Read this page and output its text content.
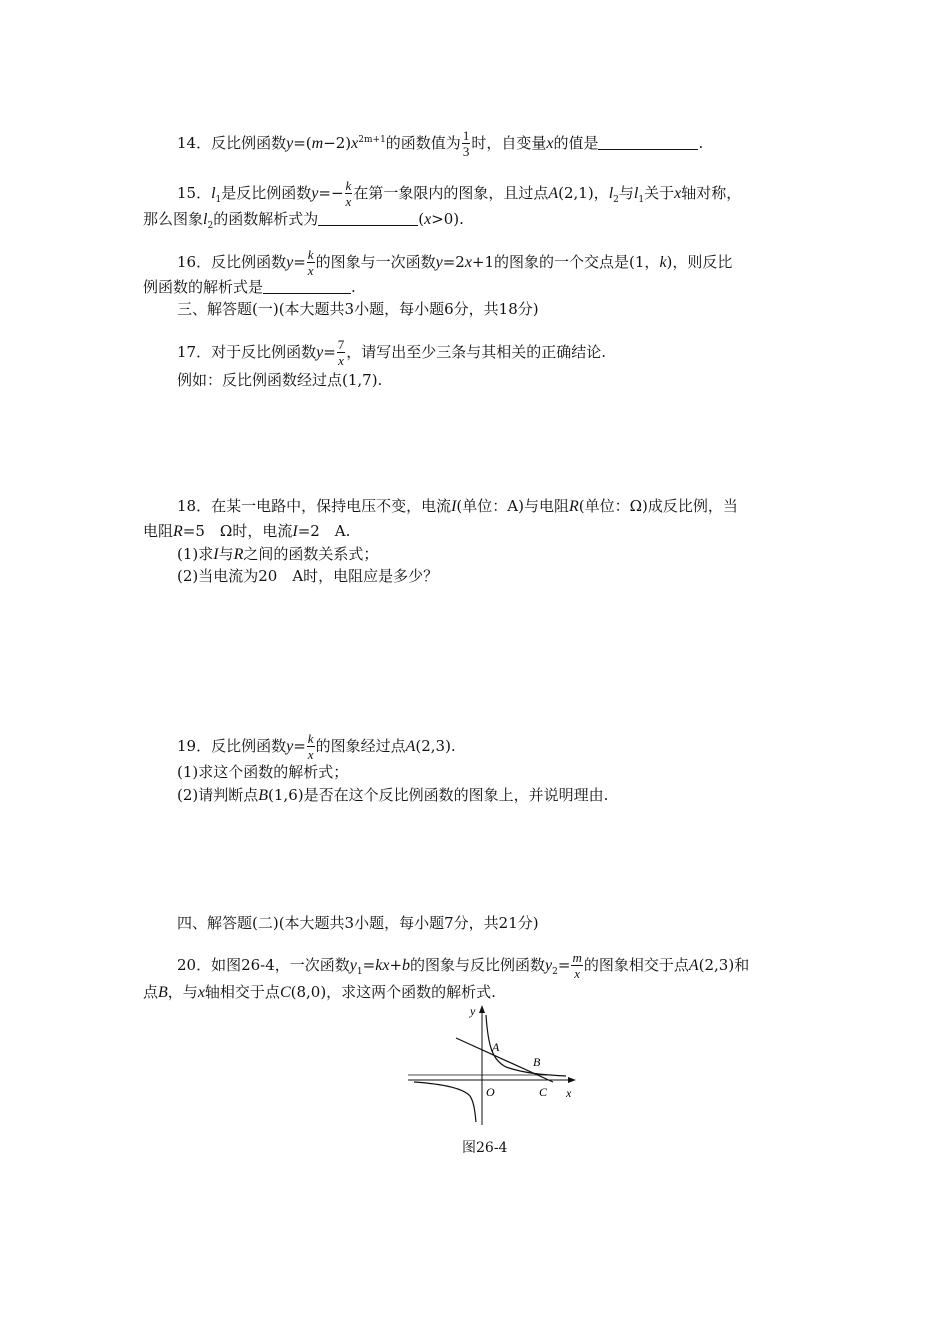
14．反比例函数$y=(m-2)x^{2m+1}$的函数值为 $\frac{1}{3}$ 时，自变量x的值是	.
15．$l_1$是反比例函数$y=- \frac{k}{x}$ 在第一象限内的图象，且过点A(2,1)，$l_2$与$l_1$关于x轴对称，
那么图象$l_2$的函数解析式为	(x>0).
16．反比例函数$y= \frac{k}{x}$ 的图象与一次函数y=2x+1的图象的一个交点是(1，k)，则反比
例函数的解析式是	.
三、解答题(一)(本大题共3小题，每小题6分，共18分)
17．对于反比例函数$y= \frac{7}{x}$ ，请写出至少三条与其相关的正确结论.
例如：反比例函数经过点(1,7).
18．在某一电路中，保持电压不变，电流I(单位：A)与电阻R(单位：Ω)成反比例，当
电阻R=5　Ω时，电流I=2　A.
(1)求I与R之间的函数关系式；
(2)当电流为20　A时，电阻应是多少？
19．反比例函数$y= \frac{k}{x}$ 的图象经过点A(2,3).
(1)求这个函数的解析式；
(2)请判断点B(1,6)是否在这个反比例函数的图象上，并说明理由.
四、解答题(二)(本大题共3小题，每小题7分，共21分)
20．如图26-4，一次函数$y_1=kx+b$的图象与反比例函数$y_2= \frac{m}{x}$ 的图象相交于点A(2,3)和
点B，与x轴相交于点C(8,0)，求这两个函数的解析式.
y
x
A
B
O	C
图26-4
